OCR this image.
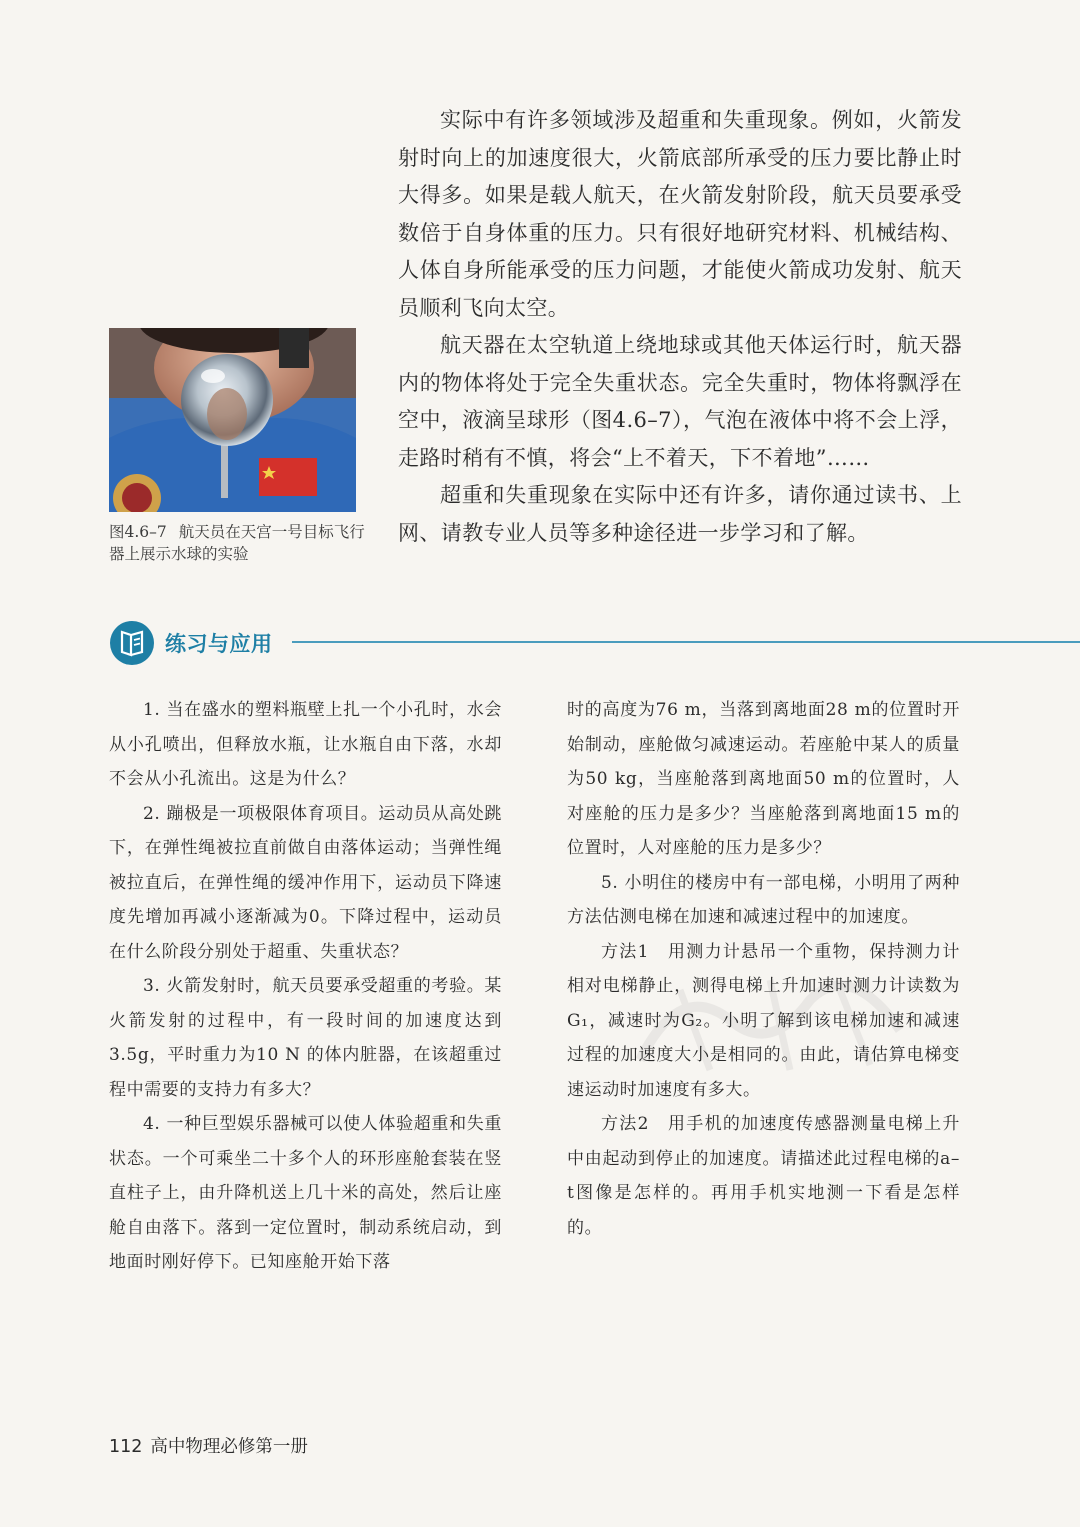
实际中有许多领域涉及超重和失重现象。例如，火箭发射时向上的加速度很大，火箭底部所承受的压力要比静止时大得多。如果是载人航天，在火箭发射阶段，航天员要承受数倍于自身体重的压力。只有很好地研究材料、机械结构、人体自身所能承受的压力问题，才能使火箭成功发射、航天员顺利飞向太空。

航天器在太空轨道上绕地球或其他天体运行时，航天器内的物体将处于完全失重状态。完全失重时，物体将飘浮在空中，液滴呈球形（图4.6–7），气泡在液体中将不会上浮，走路时稍有不慎，将会“上不着天，下不着地”……

超重和失重现象在实际中还有许多，请你通过读书、上网、请教专业人员等多种途径进一步学习和了解。

图4.6–7 航天员在天宫一号目标飞行器上展示水球的实验
练习与应用

1. 当在盛水的塑料瓶壁上扎一个小孔时，水会从小孔喷出，但释放水瓶，让水瓶自由下落，水却不会从小孔流出。这是为什么？

2. 蹦极是一项极限体育项目。运动员从高处跳下，在弹性绳被拉直前做自由落体运动；当弹性绳被拉直后，在弹性绳的缓冲作用下，运动员下降速度先增加再减小逐渐减为0。下降过程中，运动员在什么阶段分别处于超重、失重状态？

3. 火箭发射时，航天员要承受超重的考验。某火箭发射的过程中，有一段时间的加速度达到3.5g，平时重力为10 N 的体内脏器，在该超重过程中需要的支持力有多大？

4. 一种巨型娱乐器械可以使人体验超重和失重状态。一个可乘坐二十多个人的环形座舱套装在竖直柱子上，由升降机送上几十米的高处，然后让座舱自由落下。落到一定位置时，制动系统启动，到地面时刚好停下。已知座舱开始下落

时的高度为76 m，当落到离地面28 m的位置时开始制动，座舱做匀减速运动。若座舱中某人的质量为50 kg，当座舱落到离地面50 m的位置时，人对座舱的压力是多少？当座舱落到离地面15 m的位置时，人对座舱的压力是多少？

5. 小明住的楼房中有一部电梯，小明用了两种方法估测电梯在加速和减速过程中的加速度。

方法1　用测力计悬吊一个重物，保持测力计相对电梯静止，测得电梯上升加速时测力计读数为G₁，减速时为G₂。小明了解到该电梯加速和减速过程的加速度大小是相同的。由此，请估算电梯变速运动时加速度有多大。

方法2　用手机的加速度传感器测量电梯上升中由起动到停止的加速度。请描述此过程电梯的a–t图像是怎样的。再用手机实地测一下看是怎样的。

112 高中物理必修第一册
